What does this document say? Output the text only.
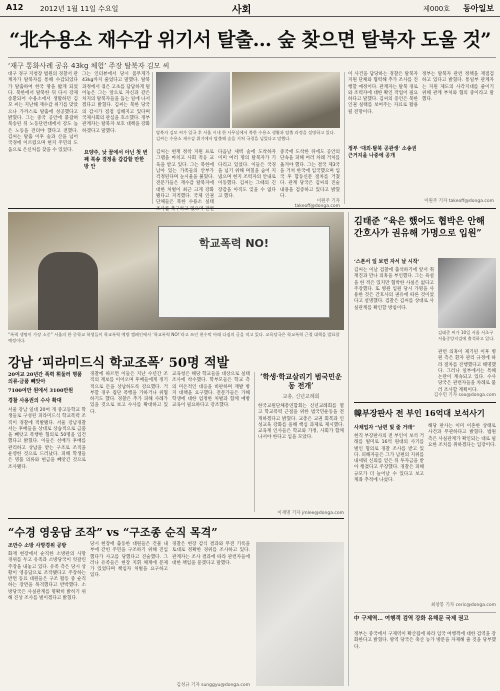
A12 2012년 1월 11일 수요일	사회	제000호 동아일보
“北수용소 재수감 위기서 탈출… 숲 찾으면 탈북자 도울 것”
‘재구 통화사례 공유 43kg 체험’ 주장 탈북자 김모 씨
대구 경구 지청장 법원의 경찰서 관계자가 탈북자를 통해 수감되었다가 탈출하여 한국 땅을 밟게 되었다. 북한에서 탈북한 뒤 다시 강제 송환되어 수용소에서 생활하던 김모 씨는 지난해 재수감 위기를 맞았으나 가까스로 탈출에 성공했다고 밝혔다. 그는 중국 공안에 붙잡혀 북송된 뒤 노동단련대에서 강도 높은 노동을 견뎌야 했다고 전했다. 김씨는 탈출 이후 숲과 산을 넘어 국경에 이르렀으며 현지 주민의 도움으로 은신처를 찾을 수 있었다.
그는 인터뷰에서 당시 몸무게가 43kg까지 줄었다고 말했다. 탈북 과정에서 겪은 고초를 담담하게 털어놓은 그는 앞으로 자신과 같은 처지의 탈북자들을 돕는 일에 나서겠다고 밝혔다. 김씨는 북한 당국의 감시가 점점 심해지고 있다며 국제사회의 관심을 호소했다. 정부 관계자는 탈북자 보호 대책을 강화하겠다고 말했다.	탈북자 김모 씨가 입국 후 서울 시내 한 사무실에서 북한 수용소 생활과 탈출 과정을 설명하고 있다. 김씨는 수용소 재수감 위기에서 탈출해 숲을 거쳐 국경을 넘었다고 말했다.
김씨는 현재 정착 지원 프로그램을 마치고 사회 적응 교육을 받고 있다. 그는 북한에 남아 있는 가족들의 안부가 걱정된다며 눈시울을 붉혔다. 전문가들은 재수감 탈북자에 대한 처벌이 최근 크게 강화됐다고 지적했다. 국제 인권단체들은 북한 수용소 실태 조사를 촉구하고 있으며 관련
요양주, 낮 꿈에서 아닌 첫 번째 북송 결정을 갑갑할 만한 방 안
다음날 새벽 숲에 도착하자 이미 여러 명의 탈북자가 기다리고 있었다. 이들은 국경을 넘기 위해 며칠을 숨어 지냈으며 현지 조력자의 안내로 이동했다. 김씨는 그때의 긴장감을 아직도 잊을 수 없다고 했다.
중국에 도착한 뒤에도 공안의 단속을 피해 여러 차례 거처를 옮겨야 했다. 그는 결국 제3국을 거쳐 한국에 입국했으며 입국 후 합동신문 절차를 거쳤다. 관계 당국은 김씨의 진술 내용을 검증하고 있다고 밝혔다.
이원주 기자 takeoff@donga.com
이 사건을 담당하는 경찰은 탈북자 지원 단체와 협력해 추가 조사를 진행할 예정이다. 관계자는 탈북 경로와 조력자에 대한 확인 작업이 필요하다고 말했다. 김씨의 증언은 북한 인권 실태를 보여주는 자료로 활용될 전망이다.
정부 ‘대외·탈북 공관생’ 소송권 근거지을 나중에 공개
정부는 탈북자 관련 정책을 재점검하고 있다고 밝혔다. 통일부 관계자는 지원 제도의 사각지대를 줄이기 위해 관계 부처와 협의 중이라고 말했다.
이원주 기자 takeoff@donga.com
학교폭력 NO!
“폭력 생명이 가장 소중” 서울의 한 중학교 학생들이 학교폭력 예방 캠페인에서 ‘학교폭력 NO!’라고 쓰인 현수막 아래 다짐의 글을 적고 있다. 교육당국은 학교폭력 근절 대책을 발표할 예정이다.
강남 ‘피라미드식 학교조폭’ 50명 적발
20여교 20년간 폭력 휘둘러 명품의류·금품 빼앗아
7100여만 원에서 3100만원
경찰 사용권의 수사 확대
서울 강남 일대 20여 개 중고등학교 학생들로 구성된 피라미드식 학교폭력 조직이 경찰에 적발됐다. 서울 강남경찰서는 후배들을 상대로 상습적으로 금품을 빼앗고 폭행한 혐의로 50명을 입건했다고 밝혔다. 이들은 선배가 후배를 관리하고 상납을 받는 구조로 조직을 운영한 것으로 드러났다. 피해 학생들은 명품 의류와 현금을 빼앗긴 것으로 조사됐다.
경찰에 따르면 이들은 지난 수년간 조직의 계보를 이어오며 후배들에게 정기적으로 돈을 상납하도록 강요했다. 거부할 경우 집단 폭행을 가하거나 위협하기도 했다. 경찰은 추가 피해 사례가 있을 것으로 보고 수사를 확대하고 있다.
교육청은 해당 학교들을 대상으로 실태 조사에 착수했다. 학부모들은 학교 측의 미온적인 대응을 비판하며 재발 방지 대책을 요구했다. 전문가들은 가해 학생에 대한 엄정한 처벌과 함께 예방 교육이 필요하다고 강조했다.
‘학생·학교살리기 범국민운동 전개’
교총, 신년교례회
한국교원단체총연합회는 신년교례회를 열고 학교폭력 근절을 위한 범국민운동을 전개하겠다고 밝혔다. 교총은 교권 회복과 인성교육 강화를 올해 핵심 과제로 제시했다. 교육계 인사들은 학교와 가정, 사회가 함께 나서야 한다고 입을 모았다.
이재명 기자 jmlee@donga.com
“수경 영웅담 조작” vs “구조종 순직 목격”
조만수 소방 사망경위 공방
화재 현장에서 순직한 소방관의 사망 경위를 두고 유족과 소방당국이 엇갈린 주장을 내놓고 있다. 유족 측은 당시 상황이 영웅담으로 조작됐다고 주장하는 반면 동료 대원들은 구조 활동 중 순직하는 장면을 목격했다고 반박했다. 소방당국은 사실관계를 명확히 밝히기 위해 진상 조사를 벌이겠다고 밝혔다.
당시 현장에 출동한 대원들은 건물 내부에 갇힌 주민을 구조하기 위해 진입했다가 사고를 당했다고 진술했다. 그러나 유족들은 현장 지휘 체계에 문제가 있었다며 책임자 처벌을 요구하고 있다.
경찰은 현장 감식 결과와 무전 기록을 토대로 정확한 경위를 조사하고 있다. 관계자는 조사 결과에 따라 관련자들에 대한 책임을 묻겠다고 말했다.
김성규 기자 sunggyu@donga.com
김태준 “육은 했어도 협박은 안해 간호사가 권유해 가명으로 입원”
‘스폰서 일 보면 자서 날 시작’
김씨는 이날 검찰에 출석하기에 앞서 취재진과 만나 의혹을 부인했다. 그는 욕설을 한 적은 있지만 협박한 사실은 없다고 주장했다. 또 병원 입원 당시 가명을 사용한 것은 간호사의 권유에 따른 것이었다고 설명했다. 검찰은 김씨를 상대로 사실관계를 확인할 방침이다.
김태준 씨가 10일 서울 서초구 서울중앙지검에 출석하고 있다.
관련 의혹이 제기된 이후 병원 측은 환자 관리 규정에 따라 절차를 진행했다고 해명했다. 그러나 일부에서는 특혜 논란이 계속되고 있다. 수사 당국은 관련자들을 차례로 불러 조사할 계획이다.
김수민 기자 soo@donga.com
韓부장판사 전 부인 16억대 보석사기
사채업자 “남편 빛 줄 거래”
현직 부장판사의 전 부인이 보석 거래를 빌미로 16억 원대의 사기를 벌인 혐의로 경찰 조사를 받고 있다. 피해자들은 그가 남편의 지위를 내세워 신뢰를 얻은 뒤 투자금을 받아 챙겼다고 주장했다. 경찰은 피해 규모가 더 늘어날 수 있다고 보고 계좌 추적에 나섰다.
해당 판사는 이미 이혼한 상태로 사건과 무관하다고 밝혔다. 법원 측은 사실관계가 확인되는 대로 필요한 조치를 취하겠다는 입장이다.
최창봉 기자 ceric@donga.com
中 구제역… 여행객 검역 강화 유해문 국제 권고
정부는 중국에서 구제역이 확산됨에 따라 입국 여행객에 대한 검역을 강화한다고 밝혔다. 방역 당국은 축산 농가 방문을 자제해 줄 것을 당부했다.
